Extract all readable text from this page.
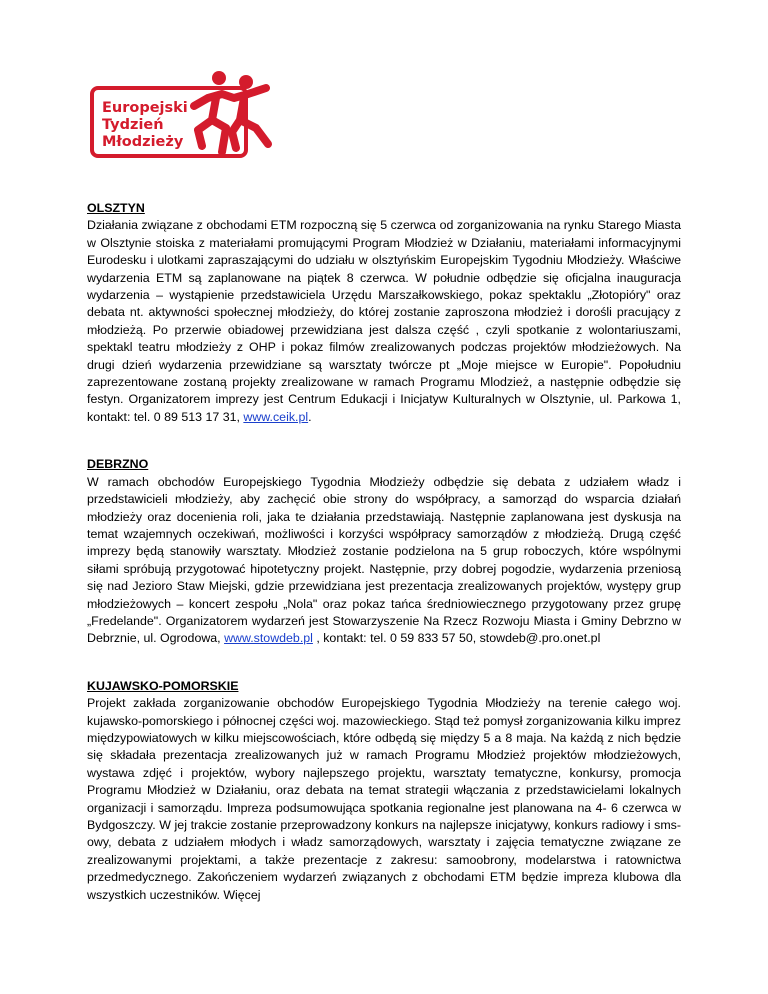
Europejski
Tydzień
Młodzieży
OLSZTYN

Działania związane z obchodami ETM rozpoczną się 5 czerwca od zorganizowania na rynku Starego Miasta w Olsztynie stoiska z materiałami promującymi Program Młodzież w Działaniu, materiałami informacyjnymi Eurodesku i ulotkami zapraszającymi do udziału w olsztyńskim Europejskim Tygodniu Młodzieży. Właściwe wydarzenia ETM są zaplanowane na piątek 8 czerwca. W południe odbędzie się oficjalna inauguracja wydarzenia – wystąpienie przedstawiciela Urzędu Marszałkowskiego, pokaz spektaklu „Złotopióry" oraz debata nt. aktywności społecznej młodzieży, do której zostanie zaproszona młodzież i dorośli pracujący z młodzieżą. Po przerwie obiadowej przewidziana jest dalsza część , czyli spotkanie z wolontariuszami, spektakl teatru młodzieży z OHP i pokaz filmów zrealizowanych podczas projektów młodzieżowych. Na drugi dzień wydarzenia przewidziane są warsztaty twórcze pt „Moje miejsce w Europie". Popołudniu zaprezentowane zostaną projekty zrealizowane w ramach Programu Mlodzież, a następnie odbędzie się festyn. Organizatorem imprezy jest Centrum Edukacji i Inicjatyw Kulturalnych w Olsztynie, ul. Parkowa 1, kontakt: tel. 0 89 513 17 31, www.ceik.pl.

DEBRZNO

W ramach obchodów Europejskiego Tygodnia Młodzieży odbędzie się debata z udziałem władz i przedstawicieli młodzieży, aby zachęcić obie strony do współpracy, a samorząd do wsparcia działań młodzieży oraz docenienia roli, jaka te działania przedstawiają. Następnie zaplanowana jest dyskusja na temat wzajemnych oczekiwań, możliwości i korzyści współpracy samorządów z młodzieżą. Drugą część imprezy będą stanowiły warsztaty. Młodzież zostanie podzielona na 5 grup roboczych, które wspólnymi siłami spróbują przygotować hipotetyczny projekt. Następnie, przy dobrej pogodzie, wydarzenia przeniosą się nad Jezioro Staw Miejski, gdzie przewidziana jest prezentacja zrealizowanych projektów, występy grup młodzieżowych – koncert zespołu „Nola" oraz pokaz tańca średniowiecznego przygotowany przez grupę „Fredelande". Organizatorem wydarzeń jest Stowarzyszenie Na Rzecz Rozwoju Miasta i Gminy Debrzno w Debrznie, ul. Ogrodowa, www.stowdeb.pl , kontakt: tel. 0 59 833 57 50, stowdeb@.pro.onet.pl

KUJAWSKO-POMORSKIE

Projekt zakłada zorganizowanie obchodów Europejskiego Tygodnia Młodzieży na terenie całego woj. kujawsko-pomorskiego i północnej części woj. mazowieckiego. Stąd też pomysł zorganizowania kilku imprez międzypowiatowych w kilku miejscowościach, które odbędą się między 5 a 8 maja. Na każdą z nich będzie się składała prezentacja zrealizowanych już w ramach Programu Młodzież projektów młodzieżowych, wystawa zdjęć i projektów, wybory najlepszego projektu, warsztaty tematyczne, konkursy, promocja Programu Młodzież w Działaniu, oraz debata na temat strategii włączania z przedstawicielami lokalnych organizacji i samorządu. Impreza podsumowująca spotkania regionalne jest planowana na 4- 6 czerwca w Bydgoszczy. W jej trakcie zostanie przeprowadzony konkurs na najlepsze inicjatywy, konkurs radiowy i sms-owy, debata z udziałem młodych i władz samorządowych, warsztaty i zajęcia tematyczne związane ze zrealizowanymi projektami, a także prezentacje z zakresu: samoobrony, modelarstwa i ratownictwa przedmedycznego. Zakończeniem wydarzeń związanych z obchodami ETM będzie impreza klubowa dla wszystkich uczestników. Więcej
